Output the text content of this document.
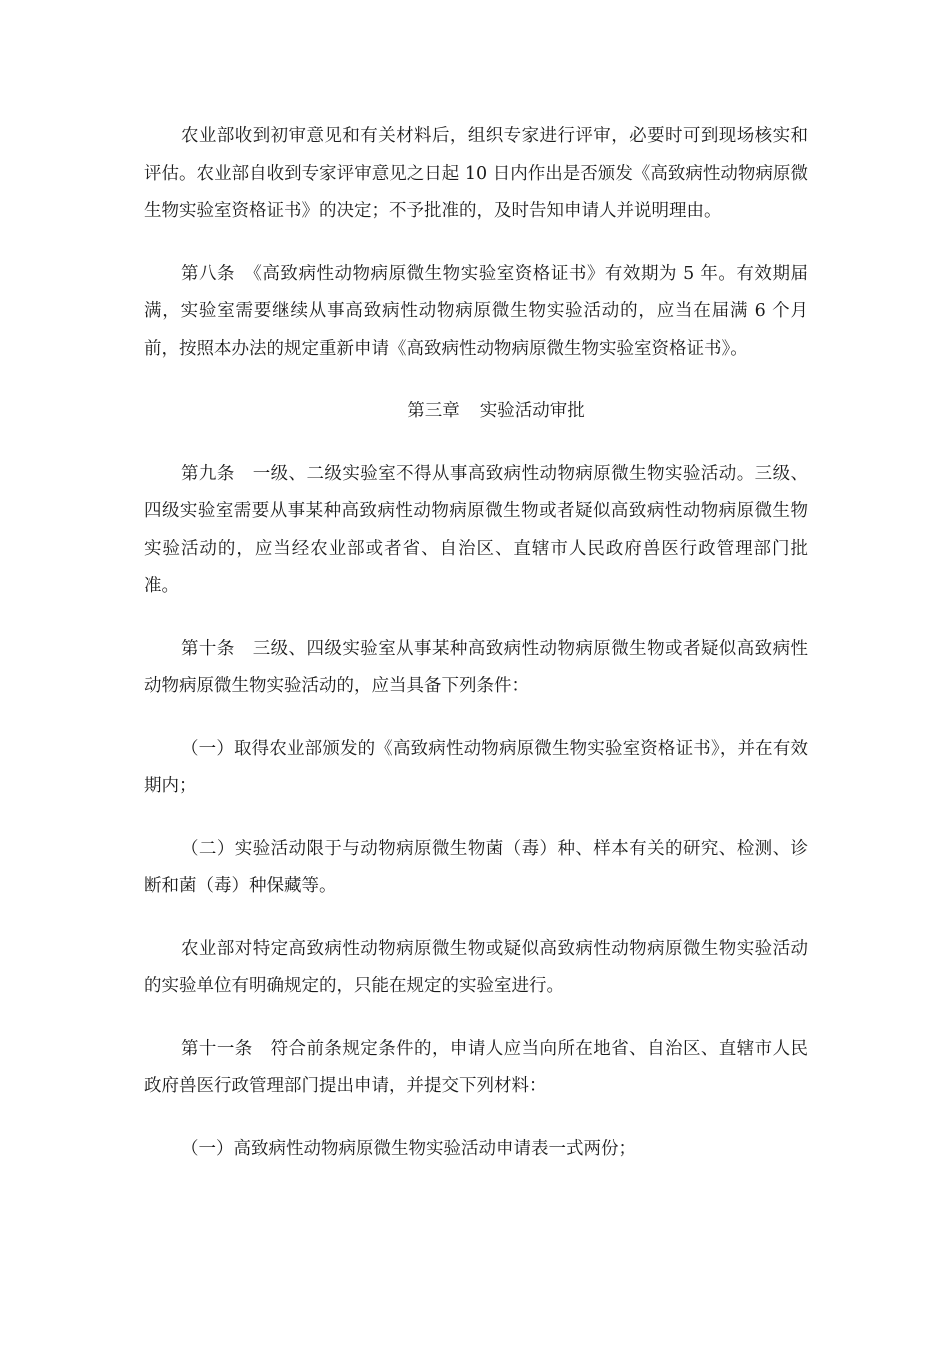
农业部收到初审意见和有关材料后，组织专家进行评审，必要时可到现场核实和评估。农业部自收到专家评审意见之日起 10 日内作出是否颁发《高致病性动物病原微生物实验室资格证书》的决定；不予批准的，及时告知申请人并说明理由。

第八条　《高致病性动物病原微生物实验室资格证书》有效期为 5 年。有效期届满，实验室需要继续从事高致病性动物病原微生物实验活动的，应当在届满 6 个月前，按照本办法的规定重新申请《高致病性动物病原微生物实验室资格证书》。

第三章 实验活动审批

第九条　一级、二级实验室不得从事高致病性动物病原微生物实验活动。三级、四级实验室需要从事某种高致病性动物病原微生物或者疑似高致病性动物病原微生物实验活动的，应当经农业部或者省、自治区、直辖市人民政府兽医行政管理部门批准。

第十条　三级、四级实验室从事某种高致病性动物病原微生物或者疑似高致病性动物病原微生物实验活动的，应当具备下列条件：

（一）取得农业部颁发的《高致病性动物病原微生物实验室资格证书》，并在有效期内；

（二）实验活动限于与动物病原微生物菌（毒）种、样本有关的研究、检测、诊断和菌（毒）种保藏等。

农业部对特定高致病性动物病原微生物或疑似高致病性动物病原微生物实验活动的实验单位有明确规定的，只能在规定的实验室进行。

第十一条　符合前条规定条件的，申请人应当向所在地省、自治区、直辖市人民政府兽医行政管理部门提出申请，并提交下列材料：

（一）高致病性动物病原微生物实验活动申请表一式两份；
